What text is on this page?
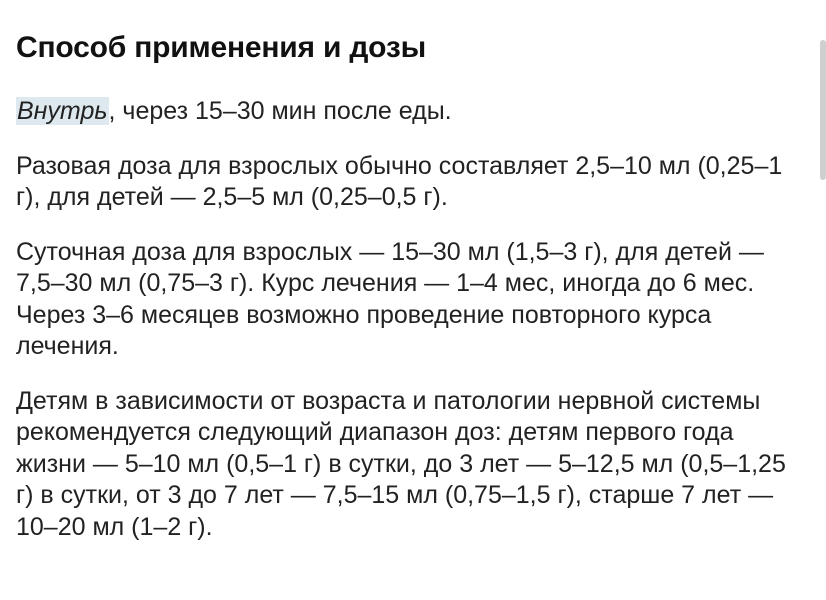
Способ применения и дозы

Внутрь, через 15–30 мин после еды.

Разовая доза для взрослых обычно составляет 2,5–10 мл (0,25–1 г), для детей — 2,5–5 мл (0,25–0,5 г).

Суточная доза для взрослых — 15–30 мл (1,5–3 г), для детей — 7,5–30 мл (0,75–3 г). Курс лечения — 1–4 мес, иногда до 6 мес. Через 3–6 месяцев возможно проведение повторного курса лечения.

Детям в зависимости от возраста и патологии нервной системы рекомендуется следующий диапазон доз: детям первого года жизни — 5–10 мл (0,5–1 г) в сутки, до 3 лет — 5–12,5 мл (0,5–1,25 г) в сутки, от 3 до 7 лет — 7,5–15 мл (0,75–1,5 г), старше 7 лет — 10–20 мл (1–2 г).
